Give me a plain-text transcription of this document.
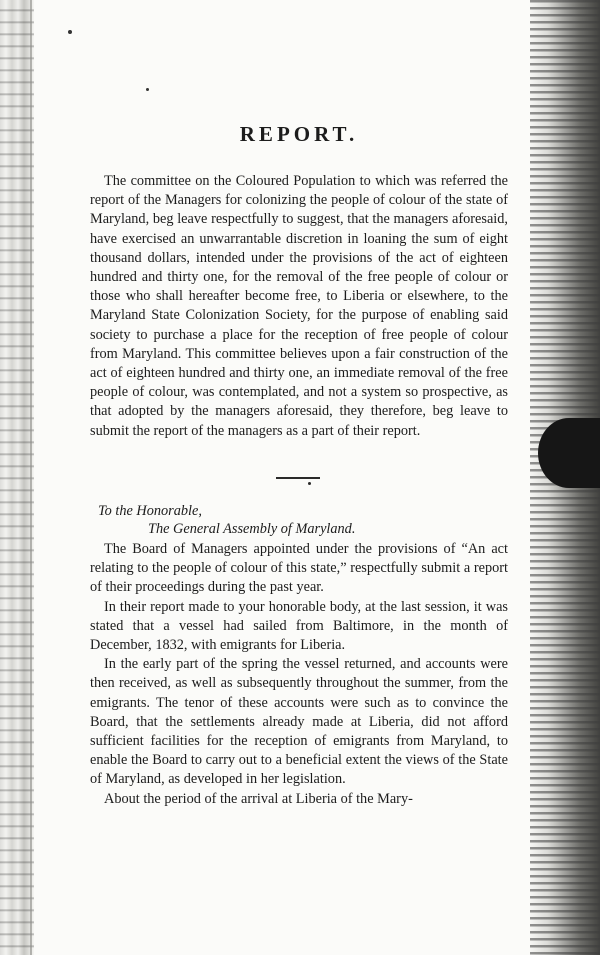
REPORT.

The committee on the Coloured Population to which was referred the report of the Managers for colonizing the people of colour of the state of Maryland, beg leave respectfully to suggest, that the managers aforesaid, have exercised an unwarrantable discretion in loaning the sum of eight thousand dollars, intended under the provisions of the act of eighteen hundred and thirty one, for the removal of the free people of colour or those who shall hereafter become free, to Liberia or elsewhere, to the Maryland State Colonization Society, for the purpose of enabling said society to purchase a place for the reception of free people of colour from Maryland. This committee believes upon a fair construction of the act of eighteen hundred and thirty one, an immediate removal of the free people of colour, was contemplated, and not a system so prospective, as that adopted by the managers aforesaid, they therefore, beg leave to submit the report of the managers as a part of their report.

To the Honorable,
The General Assembly of Maryland.

The Board of Managers appointed under the provisions of “An act relating to the people of colour of this state,” respectfully submit a report of their proceedings during the past year.

In their report made to your honorable body, at the last session, it was stated that a vessel had sailed from Baltimore, in the month of December, 1832, with emigrants for Liberia.

In the early part of the spring the vessel returned, and accounts were then received, as well as subsequently throughout the summer, from the emigrants. The tenor of these accounts were such as to convince the Board, that the settlements already made at Liberia, did not afford sufficient facilities for the reception of emigrants from Maryland, to enable the Board to carry out to a beneficial extent the views of the State of Maryland, as developed in her legislation.

About the period of the arrival at Liberia of the Mary-
